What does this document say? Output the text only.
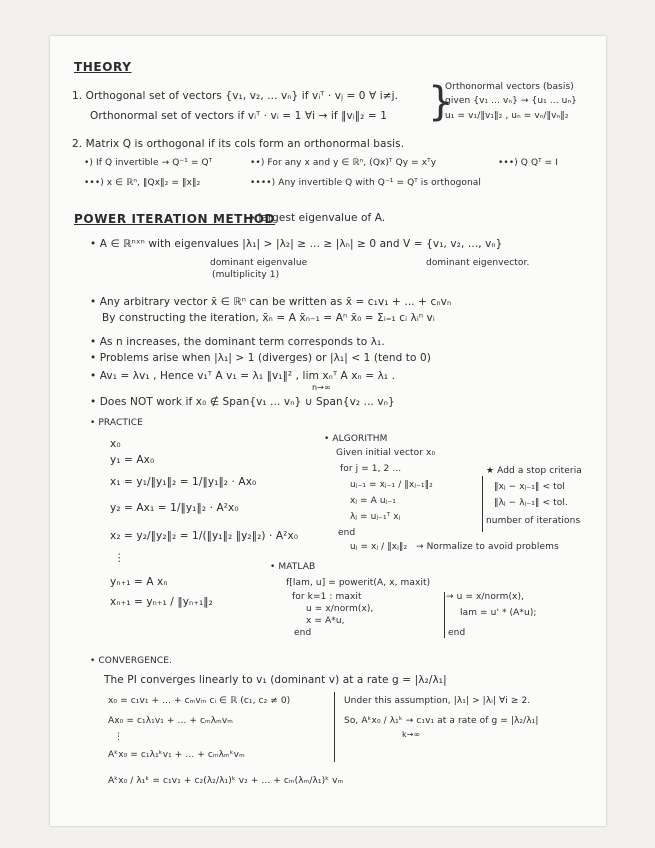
THEORY
1. Orthogonal set of vectors {v₁, v₂, ... vₙ} if vᵢᵀ · vⱼ = 0 ∀ i≠j.
Orthonormal set of vectors if vᵢᵀ · vᵢ = 1 ∀i → if ‖vᵢ‖₂ = 1 }
Orthonormal vectors (basis)
given {v₁ ... vₙ} → {u₁ ... uₙ}
u₁ = v₁/‖v₁‖₂ , uₙ = vₙ/‖vₙ‖₂
2. Matrix Q is orthogonal if its cols form an orthonormal basis.
•) If Q invertible → Q⁻¹ = Qᵀ	••) For any x and y ∈ ℝⁿ, (Qx)ᵀ Qy = xᵀy	•••) Q Qᵀ = I
•••) x ∈ ℝⁿ, ‖Qx‖₂ = ‖x‖₂	••••) Any invertible Q with Q⁻¹ = Qᵀ is orthogonal
POWER ITERATION METHOD
→ largest eigenvalue of A.
• A ∈ ℝⁿˣⁿ with eigenvalues |λ₁| > |λ₂| ≥ ... ≥ |λₙ| ≥ 0 and V = {v₁, v₂, ..., vₙ}
dominant eigenvalue
(multiplicity 1)
dominant eigenvector.
• Any arbitrary vector x̄ ∈ ℝⁿ can be written as x̄ = c₁v₁ + ... + cₙvₙ
By constructing the iteration, x̄ₙ = A x̄ₙ₋₁ = Aⁿ x̄₀ = Σᵢ₌₁ cᵢ λᵢⁿ vᵢ
• As n increases, the dominant term corresponds to λ₁.
• Problems arise when |λ₁| > 1 (diverges) or |λ₁| < 1 (tend to 0)
• Av₁ = λv₁ , Hence v₁ᵀ A v₁ = λ₁ ‖v₁‖² , lim xₙᵀ A xₙ = λ₁ .
n→∞
• Does NOT work if x₀ ∉ Span{v₁ ... vₙ} ∪ Span{v₂ ... vₙ}
• PRACTICE
x₀
y₁ = Ax₀
x₁ = y₁/‖y₁‖₂ = 1/‖y₁‖₂ · Ax₀
y₂ = Ax₁ = 1/‖y₁‖₂ · A²x₀
x₂ = y₂/‖y₂‖₂ = 1/(‖y₁‖₂ ‖y₂‖₂) · A²x₀
⋮
yₙ₊₁ = A xₙ
xₙ₊₁ = yₙ₊₁ / ‖yₙ₊₁‖₂
• ALGORITHM
Given initial vector x₀
for j = 1, 2 ...
uⱼ₋₁ = xⱼ₋₁ / ‖xⱼ₋₁‖₂
xⱼ = A uⱼ₋₁
λⱼ = uⱼ₋₁ᵀ xⱼ
end
uⱼ = xⱼ / ‖xⱼ‖₂ → Normalize to avoid problems
★ Add a stop criteria
‖xⱼ − xⱼ₋₁‖ < tol
‖λⱼ − λⱼ₋₁‖ < tol.
number of iterations
• MATLAB
f[lam, u] = powerit(A, x, maxit)
for k=1 : maxit
u = x/norm(x),
x = A*u,
end
→ u = x/norm(x),
lam = u' * (A*u);
end
• CONVERGENCE.
The PI converges linearly to v₁ (dominant v) at a rate g = |λ₂/λ₁|
x₀ = c₁v₁ + ... + cₘvₘ cᵢ ∈ ℝ (c₁, c₂ ≠ 0)
Ax₀ = c₁λ₁v₁ + ... + cₘλₘvₘ
⋮
Aᵏx₀ = c₁λ₁ᵏv₁ + ... + cₘλₘᵏvₘ
Aᵏx₀ / λ₁ᵏ = c₁v₁ + c₂(λ₂/λ₁)ᵏ v₂ + ... + cₘ(λₘ/λ₁)ᵏ vₘ
Under this assumption, |λ₁| > |λᵢ| ∀i ≥ 2.
So, Aᵏx₀ / λ₁ᵏ → c₁v₁ at a rate of g = |λ₂/λ₁|
k→∞
